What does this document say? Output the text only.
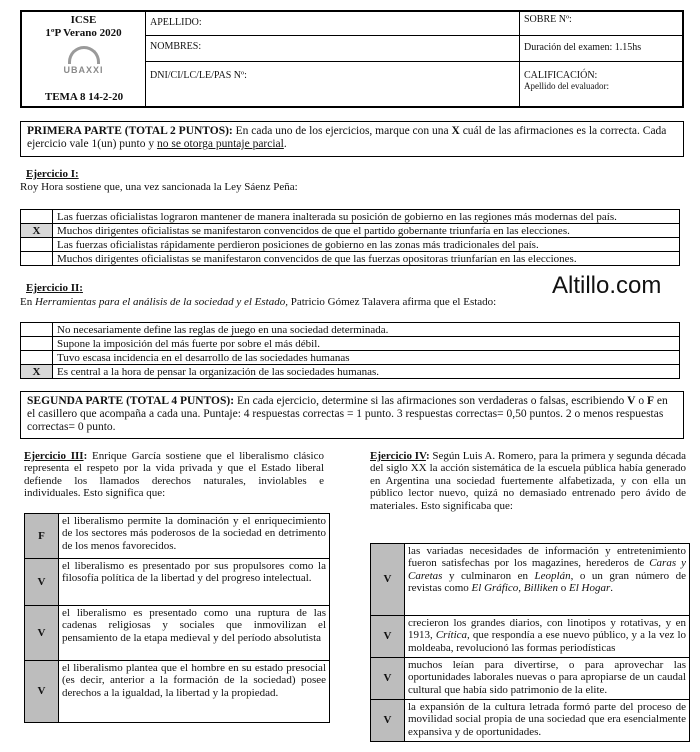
ICSE
1ºP Verano 2020
UBAXXI
TEMA 8 14-2-20
APELLIDO:
NOMBRES:
DNI/CI/LC/LE/PAS Nº:
SOBRE Nº:
Duración del examen: 1.15hs
CALIFICACIÓN:
Apellido del evaluador:
PRIMERA PARTE (TOTAL 2 PUNTOS): En cada uno de los ejercicios, marque con una X cuál de las afirmaciones es la correcta. Cada ejercicio vale 1(un) punto y no se otorga puntaje parcial.
Ejercicio I:
Roy Hora sostiene que, una vez sancionada la Ley Sáenz Peña:
	Las fuerzas oficialistas lograron mantener de manera inalterada su posición de gobierno en las regiones más modernas del país.
X	Muchos dirigentes oficialistas se manifestaron convencidos de que el partido gobernante triunfaría en las elecciones.
	Las fuerzas oficialistas rápidamente perdieron posiciones de gobierno en las zonas más tradicionales del país.
	Muchos dirigentes oficialistas se manifestaron convencidos de que las fuerzas opositoras triunfarían en las elecciones.
Altillo.com
Ejercicio II:
En Herramientas para el análisis de la sociedad y el Estado, Patricio Gómez Talavera afirma que el Estado:
	No necesariamente define las reglas de juego en una sociedad determinada.
	Supone la imposición del más fuerte por sobre el más débil.
	Tuvo escasa incidencia en el desarrollo de las sociedades humanas
X	Es central a la hora de pensar la organización de las sociedades humanas.
SEGUNDA PARTE (TOTAL 4 PUNTOS): En cada ejercicio, determine si las afirmaciones son verdaderas o falsas, escribiendo V o F en el casillero que acompaña a cada una. Puntaje: 4 respuestas correctas = 1 punto. 3 respuestas correctas= 0,50 puntos. 2 o menos respuestas correctas= 0 punto.
Ejercicio III: Enrique García sostiene que el liberalismo clásico representa el respeto por la vida privada y que el Estado liberal defiende los llamados derechos naturales, inviolables e individuales. Esto significa que:
F	el liberalismo permite la dominación y el enriquecimiento de los sectores más poderosos de la sociedad en detrimento de los menos favorecidos.
V	el liberalismo es presentado por sus propulsores como la filosofía política de la libertad y del progreso intelectual.
V	el liberalismo es presentado como una ruptura de las cadenas religiosas y sociales que inmovilizan el pensamiento de la etapa medieval y del período absolutista
V	el liberalismo plantea que el hombre en su estado presocial (es decir, anterior a la formación de la sociedad) posee derechos a la igualdad, la libertad y la propiedad.
Ejercicio IV: Según Luis A. Romero, para la primera y segunda década del siglo XX la acción sistemática de la escuela pública había generado en Argentina una sociedad fuertemente alfabetizada, y con ella un público lector nuevo, quizá no demasiado entrenado pero ávido de materiales. Esto significaba que:
V	las variadas necesidades de información y entretenimiento fueron satisfechas por los magazines, herederos de Caras y Caretas y culminaron en Leoplán, o un gran número de revistas como El Gráfico, Billiken o El Hogar.
V	crecieron los grandes diarios, con linotipos y rotativas, y en 1913, Crítica, que respondía a ese nuevo público, y a la vez lo moldeaba, revolucionó las formas periodísticas
V	muchos leían para divertirse, o para aprovechar las oportunidades laborales nuevas o para apropiarse de un caudal cultural que había sido patrimonio de la elite.
V	la expansión de la cultura letrada formó parte del proceso de movilidad social propia de una sociedad que era esencialmente expansiva y de oportunidades.
